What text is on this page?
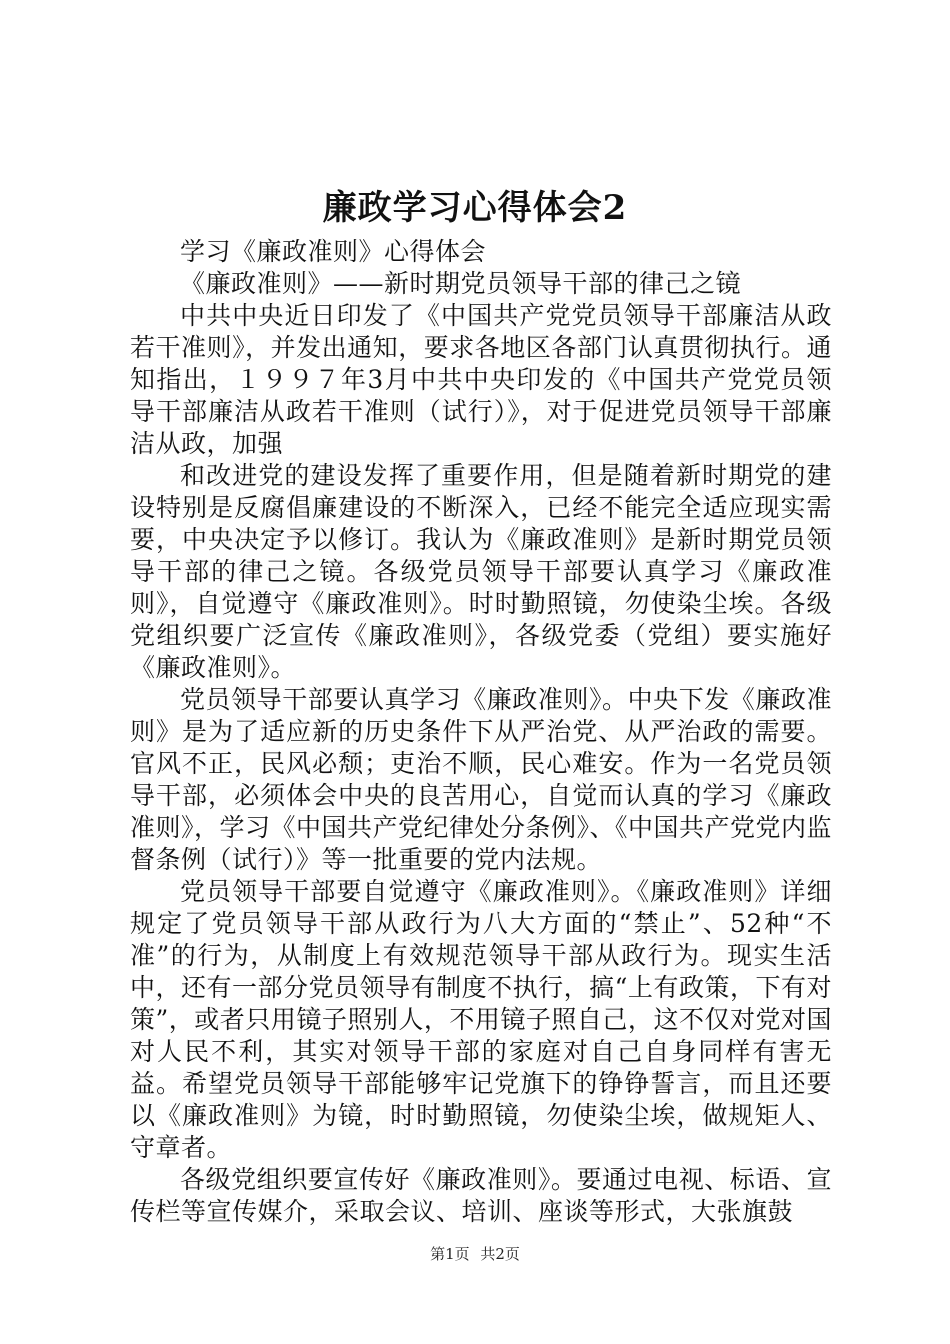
廉政学习心得体会2

学习《廉政准则》心得体会

《廉政准则》——新时期党员领导干部的律己之镜

中共中央近日印发了《中国共产党党员领导干部廉洁从政若干准则》，并发出通知，要求各地区各部门认真贯彻执行。通知指出，１９９７年3月中共中央印发的《中国共产党党员领导干部廉洁从政若干准则（试行）》，对于促进党员领导干部廉洁从政，加强

和改进党的建设发挥了重要作用，但是随着新时期党的建设特别是反腐倡廉建设的不断深入，已经不能完全适应现实需要，中央决定予以修订。我认为《廉政准则》是新时期党员领导干部的律己之镜。各级党员领导干部要认真学习《廉政准则》，自觉遵守《廉政准则》。时时勤照镜，勿使染尘埃。各级党组织要广泛宣传《廉政准则》，各级党委（党组）要实施好《廉政准则》。

党员领导干部要认真学习《廉政准则》。中央下发《廉政准则》是为了适应新的历史条件下从严治党、从严治政的需要。官风不正，民风必颓；吏治不顺，民心难安。作为一名党员领导干部，必须体会中央的良苦用心，自觉而认真的学习《廉政准则》，学习《中国共产党纪律处分条例》、《中国共产党党内监督条例（试行）》等一批重要的党内法规。

党员领导干部要自觉遵守《廉政准则》。《廉政准则》详细规定了党员领导干部从政行为八大方面的“禁止”、52种“不准”的行为，从制度上有效规范领导干部从政行为。现实生活中，还有一部分党员领导有制度不执行，搞“上有政策，下有对策”，或者只用镜子照别人，不用镜子照自己，这不仅对党对国对人民不利，其实对领导干部的家庭对自己自身同样有害无益。希望党员领导干部能够牢记党旗下的铮铮誓言，而且还要以《廉政准则》为镜，时时勤照镜，勿使染尘埃，做规矩人、守章者。

各级党组织要宣传好《廉政准则》。要通过电视、标语、宣传栏等宣传媒介，采取会议、培训、座谈等形式，大张旗鼓

第1页 共2页
